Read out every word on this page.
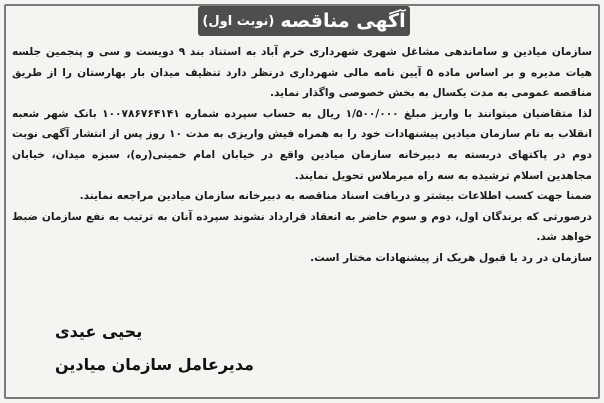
آگهی مناقصه
(نوبت اول)

سازمان میادین و ساماندهی مشاغل شهری شهرداری خرم آباد به استناد بند ۹ دویست و سی و پنجمین جلسه هیات مدیره و بر اساس ماده ۵ آیین نامه مالی شهرداری درنظر دارد تنظیف میدان بار بهارستان را از طریق مناقصه عمومی به مدت یکسال به بخش خصوصی واگذار نماید.

لذا متقاضیان میتوانند با واریز مبلغ ۱/۵۰۰/۰۰۰ ریال به حساب سپرده شماره ۱۰۰۷۸۶۷۶۴۱۴۱ بانک شهر شعبه انقلاب به نام سازمان میادین پیشنهادات خود را به همراه فیش واریزی به مدت ۱۰ روز پس از انتشار آگهی نوبت دوم در پاکتهای دربسته به دبیرخانه سازمان میادین واقع در خیابان امام خمینی(ره)، سبزه میدان، خیابان مجاهدین اسلام ترشیده به سه راه میرملاس تحویل نمایند.

ضمنا جهت کسب اطلاعات بیشتر و دریافت اسناد مناقصه به دبیرخانه سازمان میادین مراجعه نمایند.

درصورتی که برندگان اول، دوم و سوم حاضر به انعقاد قرارداد نشوند سپرده آنان به ترتیب به نفع سازمان ضبط خواهد شد.

سازمان در رد یا قبول هریک از پیشنهادات مختار است.

یحیی عیدی
مدیرعامل سازمان میادین
